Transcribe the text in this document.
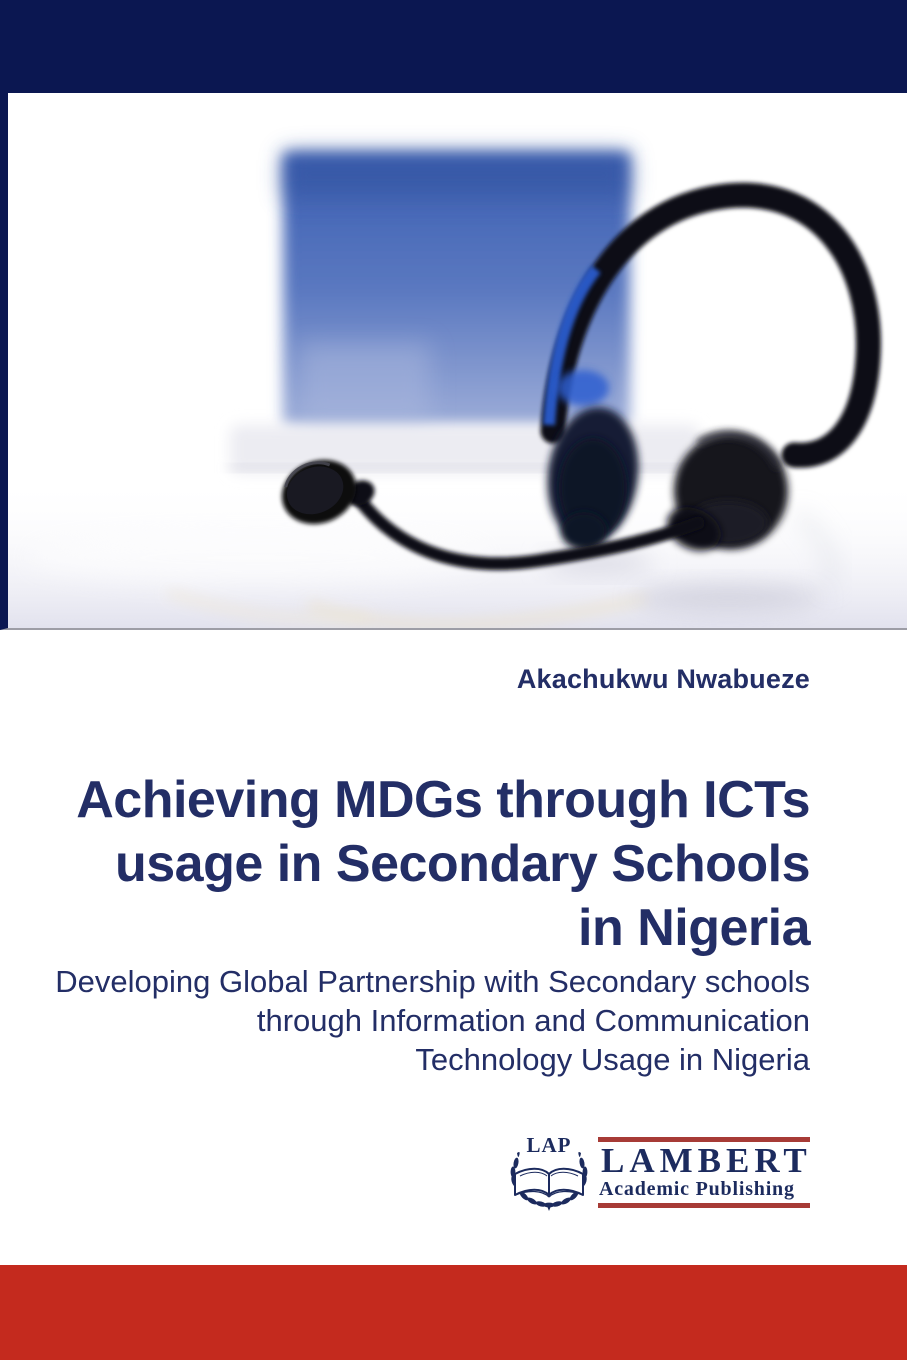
Akachukwu Nwabueze
Achieving MDGs through ICTs
usage in Secondary Schools
in Nigeria
Developing Global Partnership with Secondary schools
through Information and Communication
Technology Usage in Nigeria
LAP LAMBERT
Academic Publishing
